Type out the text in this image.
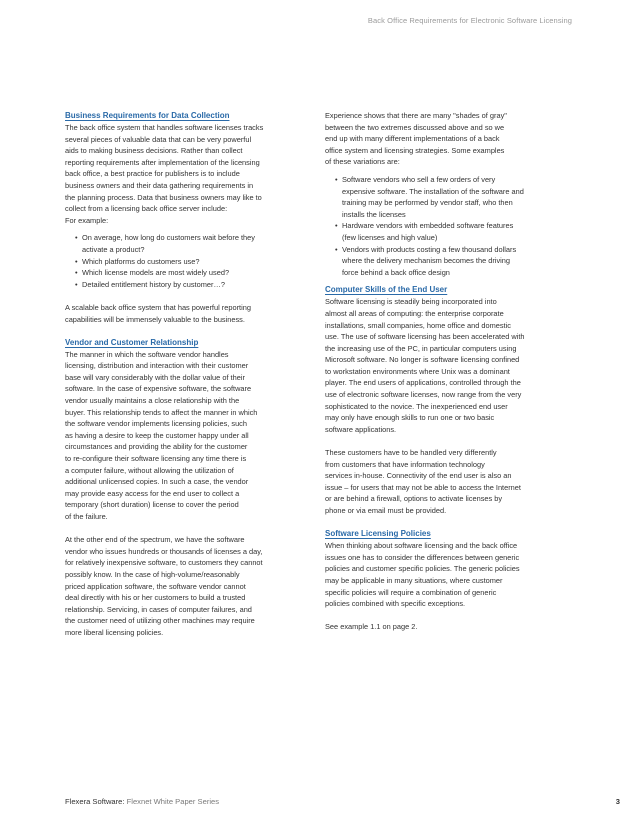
Back Office Requirements for Electronic Software Licensing

Business Requirements for Data Collection

The back office system that handles software licenses tracks
several pieces of valuable data that can be very powerful
aids to making business decisions. Rather than collect
reporting requirements after implementation of the licensing
back office, a best practice for publishers is to include
business owners and their data gathering requirements in
the planning process. Data that business owners may like to
collect from a licensing back office server include:
For example:

• On average, how long do customers wait before they
activate a product?
• Which platforms do customers use?
• Which license models are most widely used?
• Detailed entitlement history by customer…?

A scalable back office system that has powerful reporting
capabilities will be immensely valuable to the business.

Vendor and Customer Relationship

The manner in which the software vendor handles
licensing, distribution and interaction with their customer
base will vary considerably with the dollar value of their
software. In the case of expensive software, the software
vendor usually maintains a close relationship with the
buyer. This relationship tends to affect the manner in which
the software vendor implements licensing policies, such
as having a desire to keep the customer happy under all
circumstances and providing the ability for the customer
to re-configure their software licensing any time there is
a computer failure, without allowing the utilization of
additional unlicensed copies. In such a case, the vendor
may provide easy access for the end user to collect a
temporary (short duration) license to cover the period
of the failure.

At the other end of the spectrum, we have the software
vendor who issues hundreds or thousands of licenses a day,
for relatively inexpensive software, to customers they cannot
possibly know. In the case of high-volume/reasonably
priced application software, the software vendor cannot
deal directly with his or her customers to build a trusted
relationship. Servicing, in cases of computer failures, and
the customer need of utilizing other machines may require
more liberal licensing policies.

Experience shows that there are many "shades of gray"
between the two extremes discussed above and so we
end up with many different implementations of a back
office system and licensing strategies. Some examples
of these variations are:

• Software vendors who sell a few orders of very
expensive software. The installation of the software and
training may be performed by vendor staff, who then
installs the licenses
• Hardware vendors with embedded software features
(few licenses and high value)
• Vendors with products costing a few thousand dollars
where the delivery mechanism becomes the driving
force behind a back office design

Computer Skills of the End User

Software licensing is steadily being incorporated into
almost all areas of computing: the enterprise corporate
installations, small companies, home office and domestic
use. The use of software licensing has been accelerated with
the increasing use of the PC, in particular computers using
Microsoft software. No longer is software licensing confined
to workstation environments where Unix was a dominant
player. The end users of applications, controlled through the
use of electronic software licenses, now range from the very
sophisticated to the novice. The inexperienced end user
may only have enough skills to run one or two basic
software applications.

These customers have to be handled very differently
from customers that have information technology
services in-house. Connectivity of the end user is also an
issue – for users that may not be able to access the Internet
or are behind a firewall, options to activate licenses by
phone or via email must be provided.

Software Licensing Policies

When thinking about software licensing and the back office
issues one has to consider the differences between generic
policies and customer specific policies. The generic policies
may be applicable in many situations, where customer
specific policies will require a combination of generic
policies combined with specific exceptions.

See example 1.1 on page 2.

Flexera Software: Flexnet White Paper Series	3
